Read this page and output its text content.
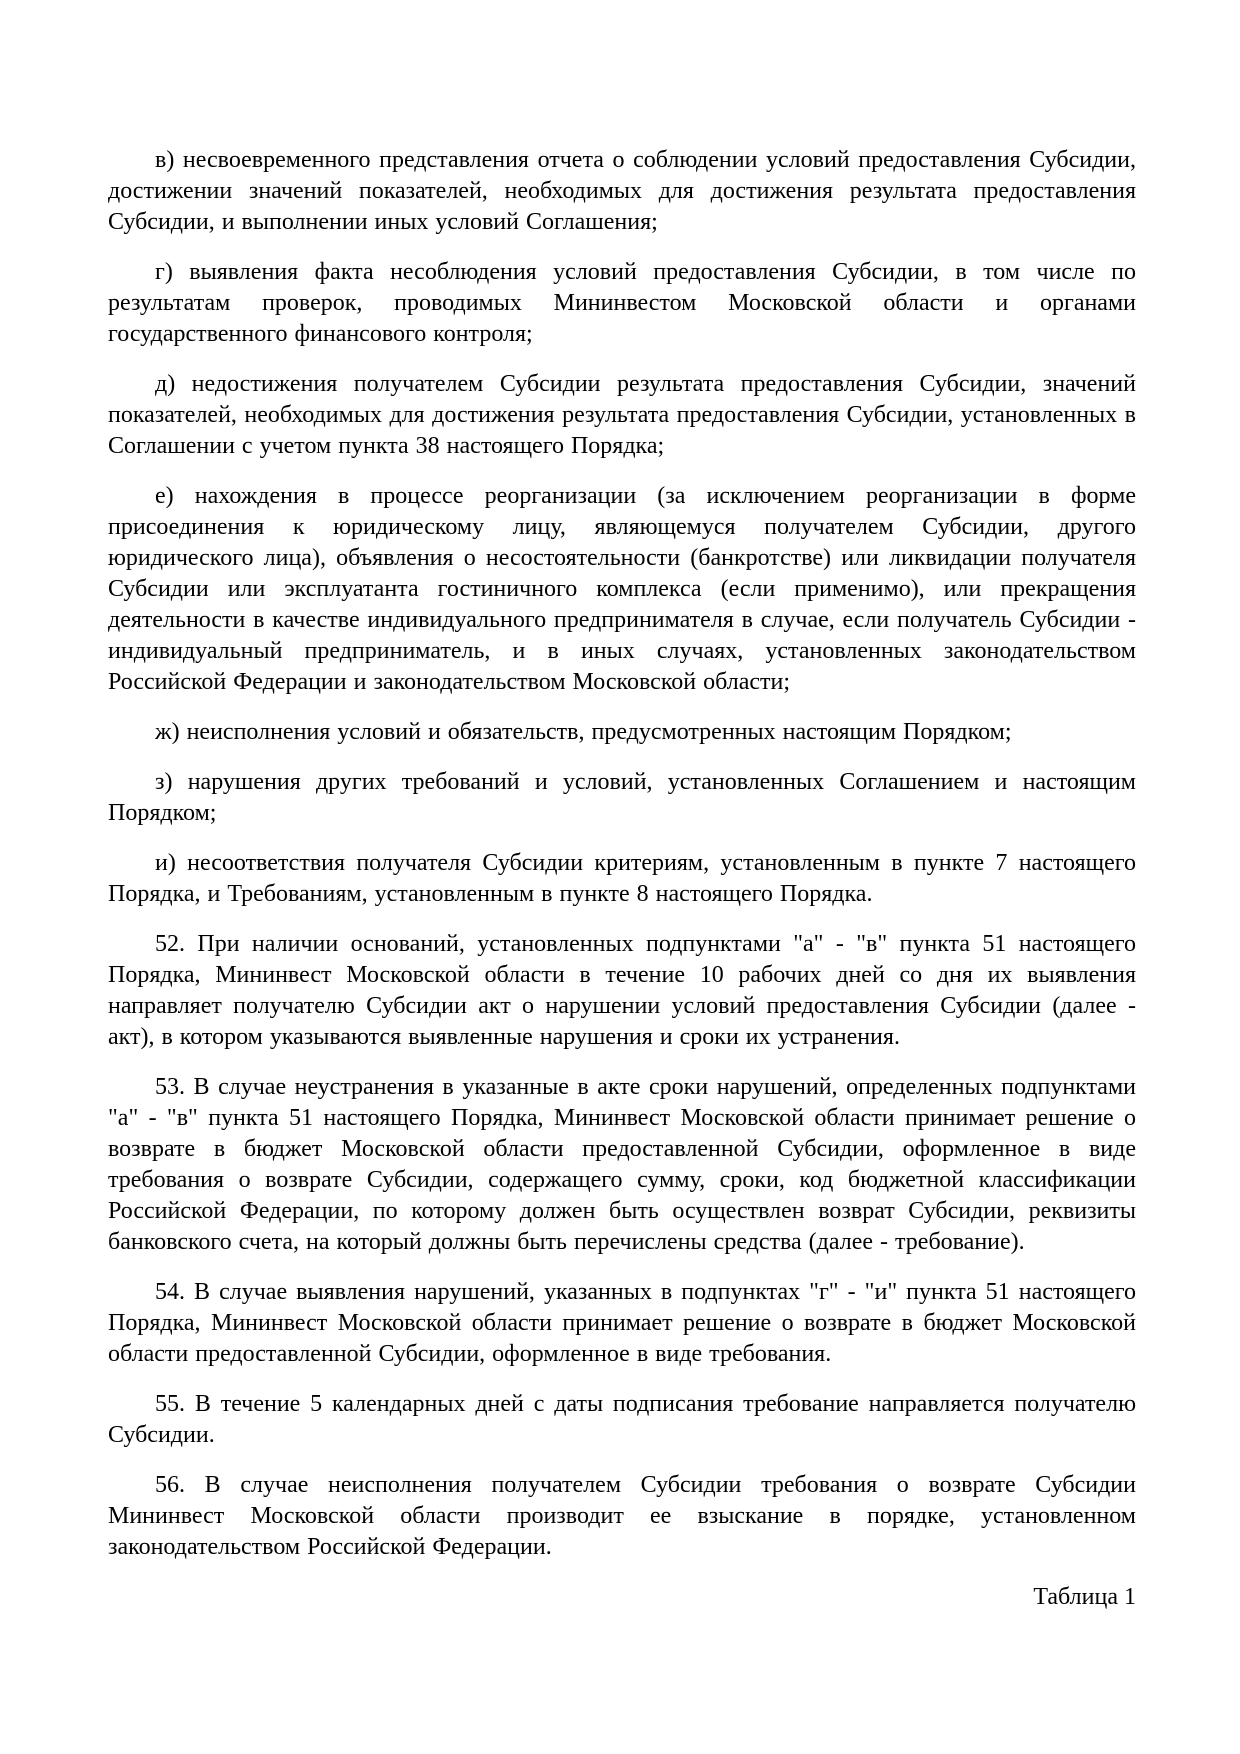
в) несвоевременного представления отчета о соблюдении условий предоставления Субсидии, достижении значений показателей, необходимых для достижения результата предоставления Субсидии, и выполнении иных условий Соглашения;

г) выявления факта несоблюдения условий предоставления Субсидии, в том числе по результатам проверок, проводимых Мининвестом Московской области и органами государственного финансового контроля;

д) недостижения получателем Субсидии результата предоставления Субсидии, значений показателей, необходимых для достижения результата предоставления Субсидии, установленных в Соглашении с учетом пункта 38 настоящего Порядка;

е) нахождения в процессе реорганизации (за исключением реорганизации в форме присоединения к юридическому лицу, являющемуся получателем Субсидии, другого юридического лица), объявления о несостоятельности (банкротстве) или ликвидации получателя Субсидии или эксплуатанта гостиничного комплекса (если применимо), или прекращения деятельности в качестве индивидуального предпринимателя в случае, если получатель Субсидии - индивидуальный предприниматель, и в иных случаях, установленных законодательством Российской Федерации и законодательством Московской области;

ж) неисполнения условий и обязательств, предусмотренных настоящим Порядком;

з) нарушения других требований и условий, установленных Соглашением и настоящим Порядком;

и) несоответствия получателя Субсидии критериям, установленным в пункте 7 настоящего Порядка, и Требованиям, установленным в пункте 8 настоящего Порядка.

52. При наличии оснований, установленных подпунктами "а" - "в" пункта 51 настоящего Порядка, Мининвест Московской области в течение 10 рабочих дней со дня их выявления направляет получателю Субсидии акт о нарушении условий предоставления Субсидии (далее - акт), в котором указываются выявленные нарушения и сроки их устранения.

53. В случае неустранения в указанные в акте сроки нарушений, определенных подпунктами "а" - "в" пункта 51 настоящего Порядка, Мининвест Московской области принимает решение о возврате в бюджет Московской области предоставленной Субсидии, оформленное в виде требования о возврате Субсидии, содержащего сумму, сроки, код бюджетной классификации Российской Федерации, по которому должен быть осуществлен возврат Субсидии, реквизиты банковского счета, на который должны быть перечислены средства (далее - требование).

54. В случае выявления нарушений, указанных в подпунктах "г" - "и" пункта 51 настоящего Порядка, Мининвест Московской области принимает решение о возврате в бюджет Московской области предоставленной Субсидии, оформленное в виде требования.

55. В течение 5 календарных дней с даты подписания требование направляется получателю Субсидии.

56. В случае неисполнения получателем Субсидии требования о возврате Субсидии Мининвест Московской области производит ее взыскание в порядке, установленном законодательством Российской Федерации.

Таблица 1
